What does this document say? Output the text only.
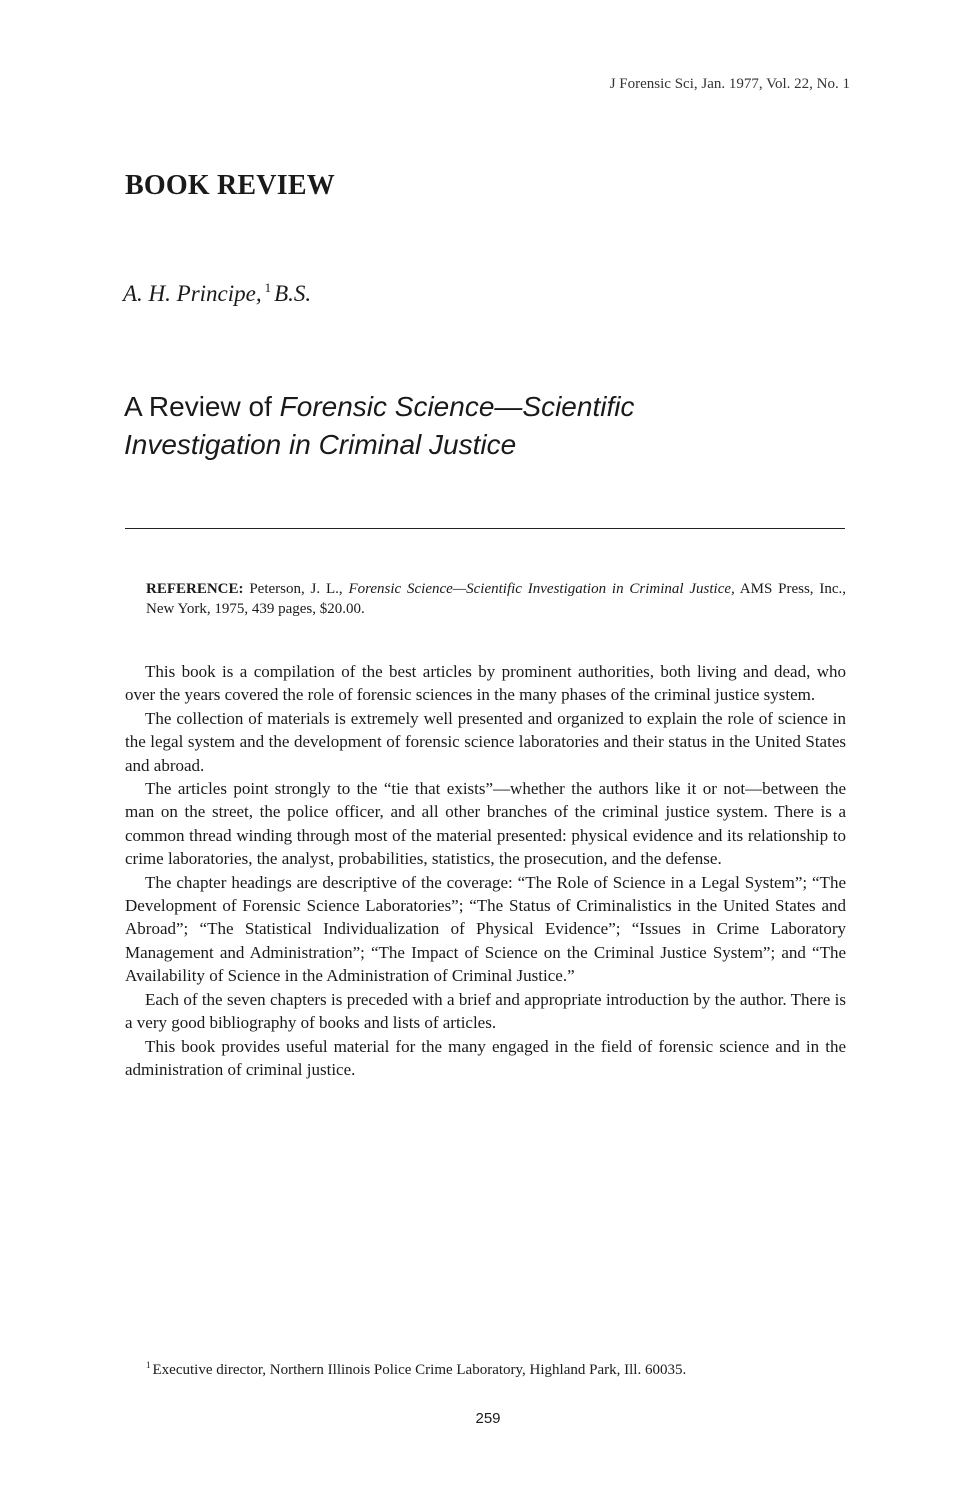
J Forensic Sci, Jan. 1977, Vol. 22, No. 1
BOOK REVIEW
A. H. Principe, $^1$ B.S.
A Review of Forensic Science—Scientific
Investigation in Criminal Justice
REFERENCE: Peterson, J. L., Forensic Science—Scientific Investigation in Criminal Justice, AMS Press, Inc., New York, 1975, 439 pages, $20.00.

This book is a compilation of the best articles by prominent authorities, both living and dead, who over the years covered the role of forensic sciences in the many phases of the criminal justice system.

The collection of materials is extremely well presented and organized to explain the role of science in the legal system and the development of forensic science laboratories and their status in the United States and abroad.

The articles point strongly to the “tie that exists”—whether the authors like it or not—between the man on the street, the police officer, and all other branches of the criminal justice system. There is a common thread winding through most of the material presented: physical evidence and its relationship to crime laboratories, the analyst, probabilities, statistics, the prosecution, and the defense.

The chapter headings are descriptive of the coverage: “The Role of Science in a Legal System”; “The Development of Forensic Science Laboratories”; “The Status of Criminalistics in the United States and Abroad”; “The Statistical Individualization of Physical Evidence”; “Issues in Crime Laboratory Management and Administration”; “The Impact of Science on the Criminal Justice System”; and “The Availability of Science in the Administration of Criminal Justice.”

Each of the seven chapters is preceded with a brief and appropriate introduction by the author. There is a very good bibliography of books and lists of articles.

This book provides useful material for the many engaged in the field of forensic science and in the administration of criminal justice.

$^1$ Executive director, Northern Illinois Police Crime Laboratory, Highland Park, Ill. 60035.
259
